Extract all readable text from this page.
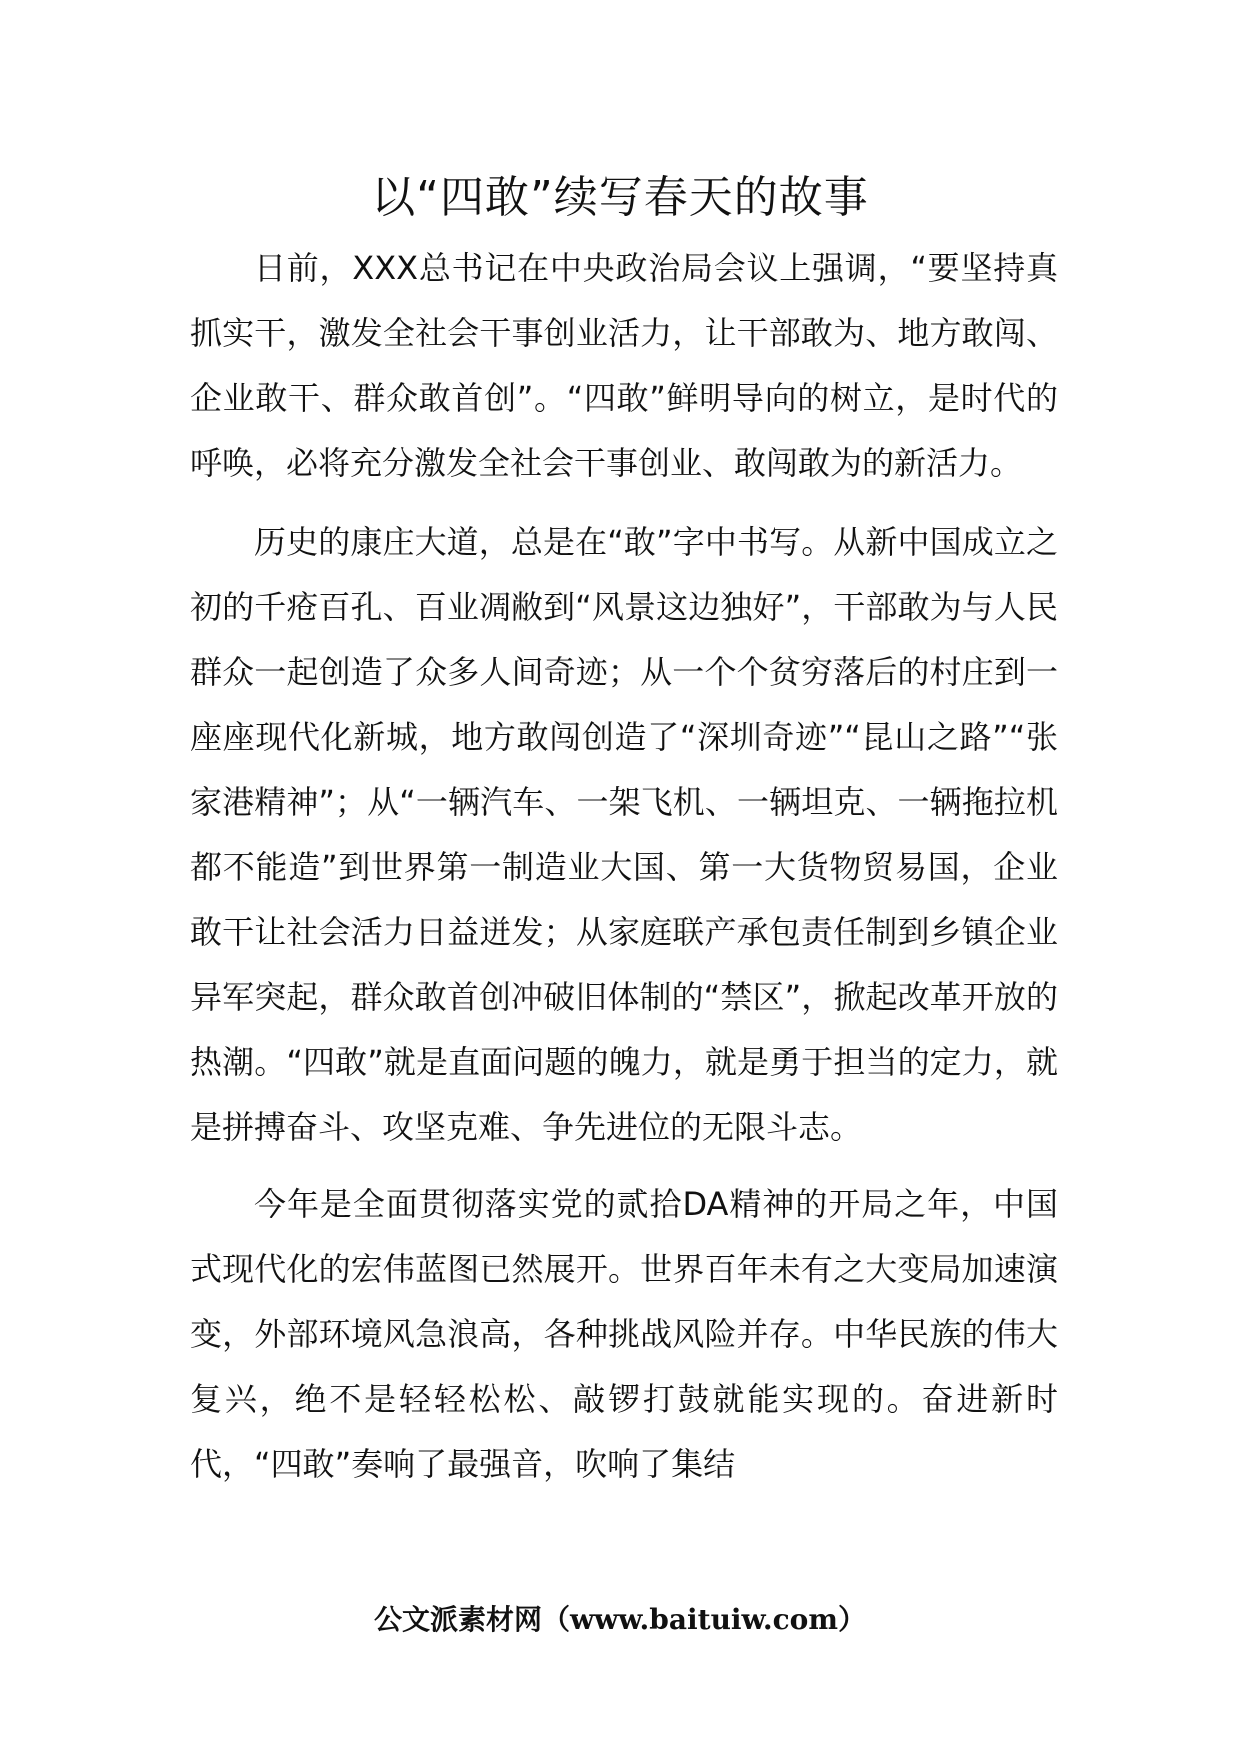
以“四敢”续写春天的故事

日前，XXX总书记在中央政治局会议上强调，“要坚持真抓实干，激发全社会干事创业活力，让干部敢为、地方敢闯、企业敢干、群众敢首创”。“四敢”鲜明导向的树立，是时代的呼唤，必将充分激发全社会干事创业、敢闯敢为的新活力。

历史的康庄大道，总是在“敢”字中书写。从新中国成立之初的千疮百孔、百业凋敝到“风景这边独好”，干部敢为与人民群众一起创造了众多人间奇迹；从一个个贫穷落后的村庄到一座座现代化新城，地方敢闯创造了“深圳奇迹”“昆山之路”“张家港精神”；从“一辆汽车、一架飞机、一辆坦克、一辆拖拉机都不能造”到世界第一制造业大国、第一大货物贸易国，企业敢干让社会活力日益迸发；从家庭联产承包责任制到乡镇企业异军突起，群众敢首创冲破旧体制的“禁区”，掀起改革开放的热潮。“四敢”就是直面问题的魄力，就是勇于担当的定力，就是拼搏奋斗、攻坚克难、争先进位的无限斗志。

今年是全面贯彻落实党的贰拾DA精神的开局之年，中国式现代化的宏伟蓝图已然展开。世界百年未有之大变局加速演变，外部环境风急浪高，各种挑战风险并存。中华民族的伟大复兴，绝不是轻轻松松、敲锣打鼓就能实现的。奋进新时代，“四敢”奏响了最强音，吹响了集结

公文派素材网（www.baituiw.com）
